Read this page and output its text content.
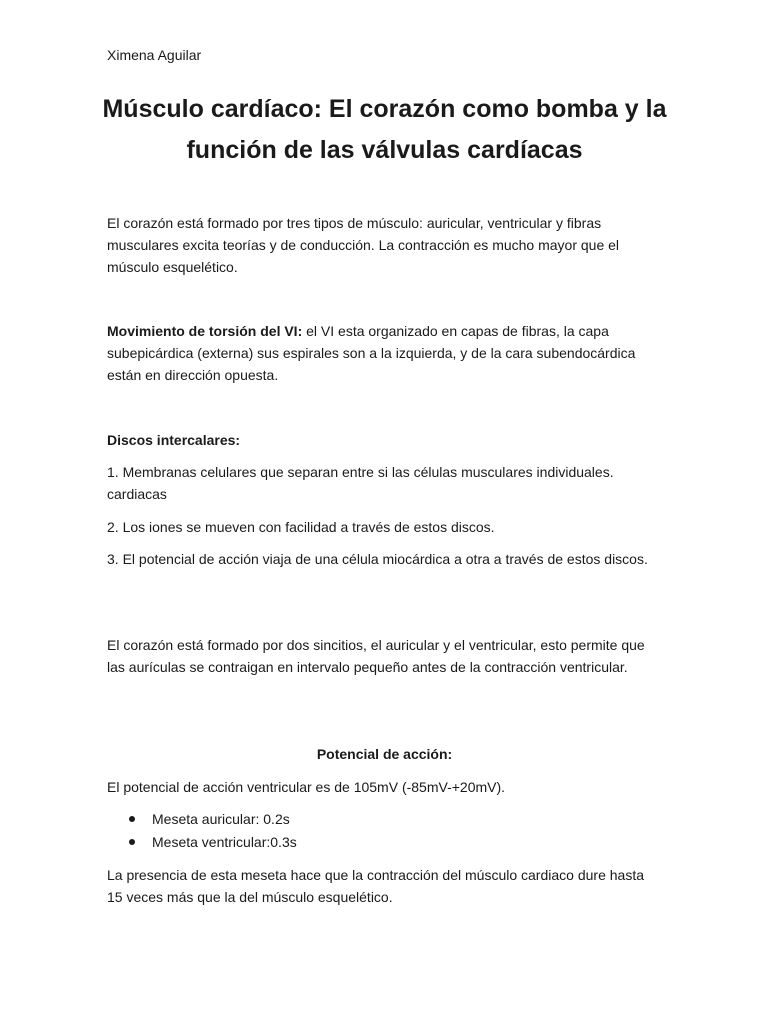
Ximena Aguilar
Músculo cardíaco: El corazón como bomba y la función de las válvulas cardíacas

El corazón está formado por tres tipos de músculo: auricular, ventricular y fibras musculares excita teorías y de conducción. La contracción es mucho mayor que el músculo esquelético.

Movimiento de torsión del VI: el VI esta organizado en capas de fibras, la capa subepicárdica (externa) sus espirales son a la izquierda, y de la cara subendocárdica están en dirección opuesta.

Discos intercalares:

1. Membranas celulares que separan entre si las células musculares individuales. cardiacas

2. Los iones se mueven con facilidad a través de estos discos.

3. El potencial de acción viaja de una célula miocárdica a otra a través de estos discos.

El corazón está formado por dos sincitios, el auricular y el ventricular, esto permite que las aurículas se contraigan en intervalo pequeño antes de la contracción ventricular.

Potencial de acción:

El potencial de acción ventricular es de 105mV (-85mV-+20mV).

Meseta auricular: 0.2s
Meseta ventricular:0.3s

La presencia de esta meseta hace que la contracción del músculo cardiaco dure hasta 15 veces más que la del músculo esquelético.
